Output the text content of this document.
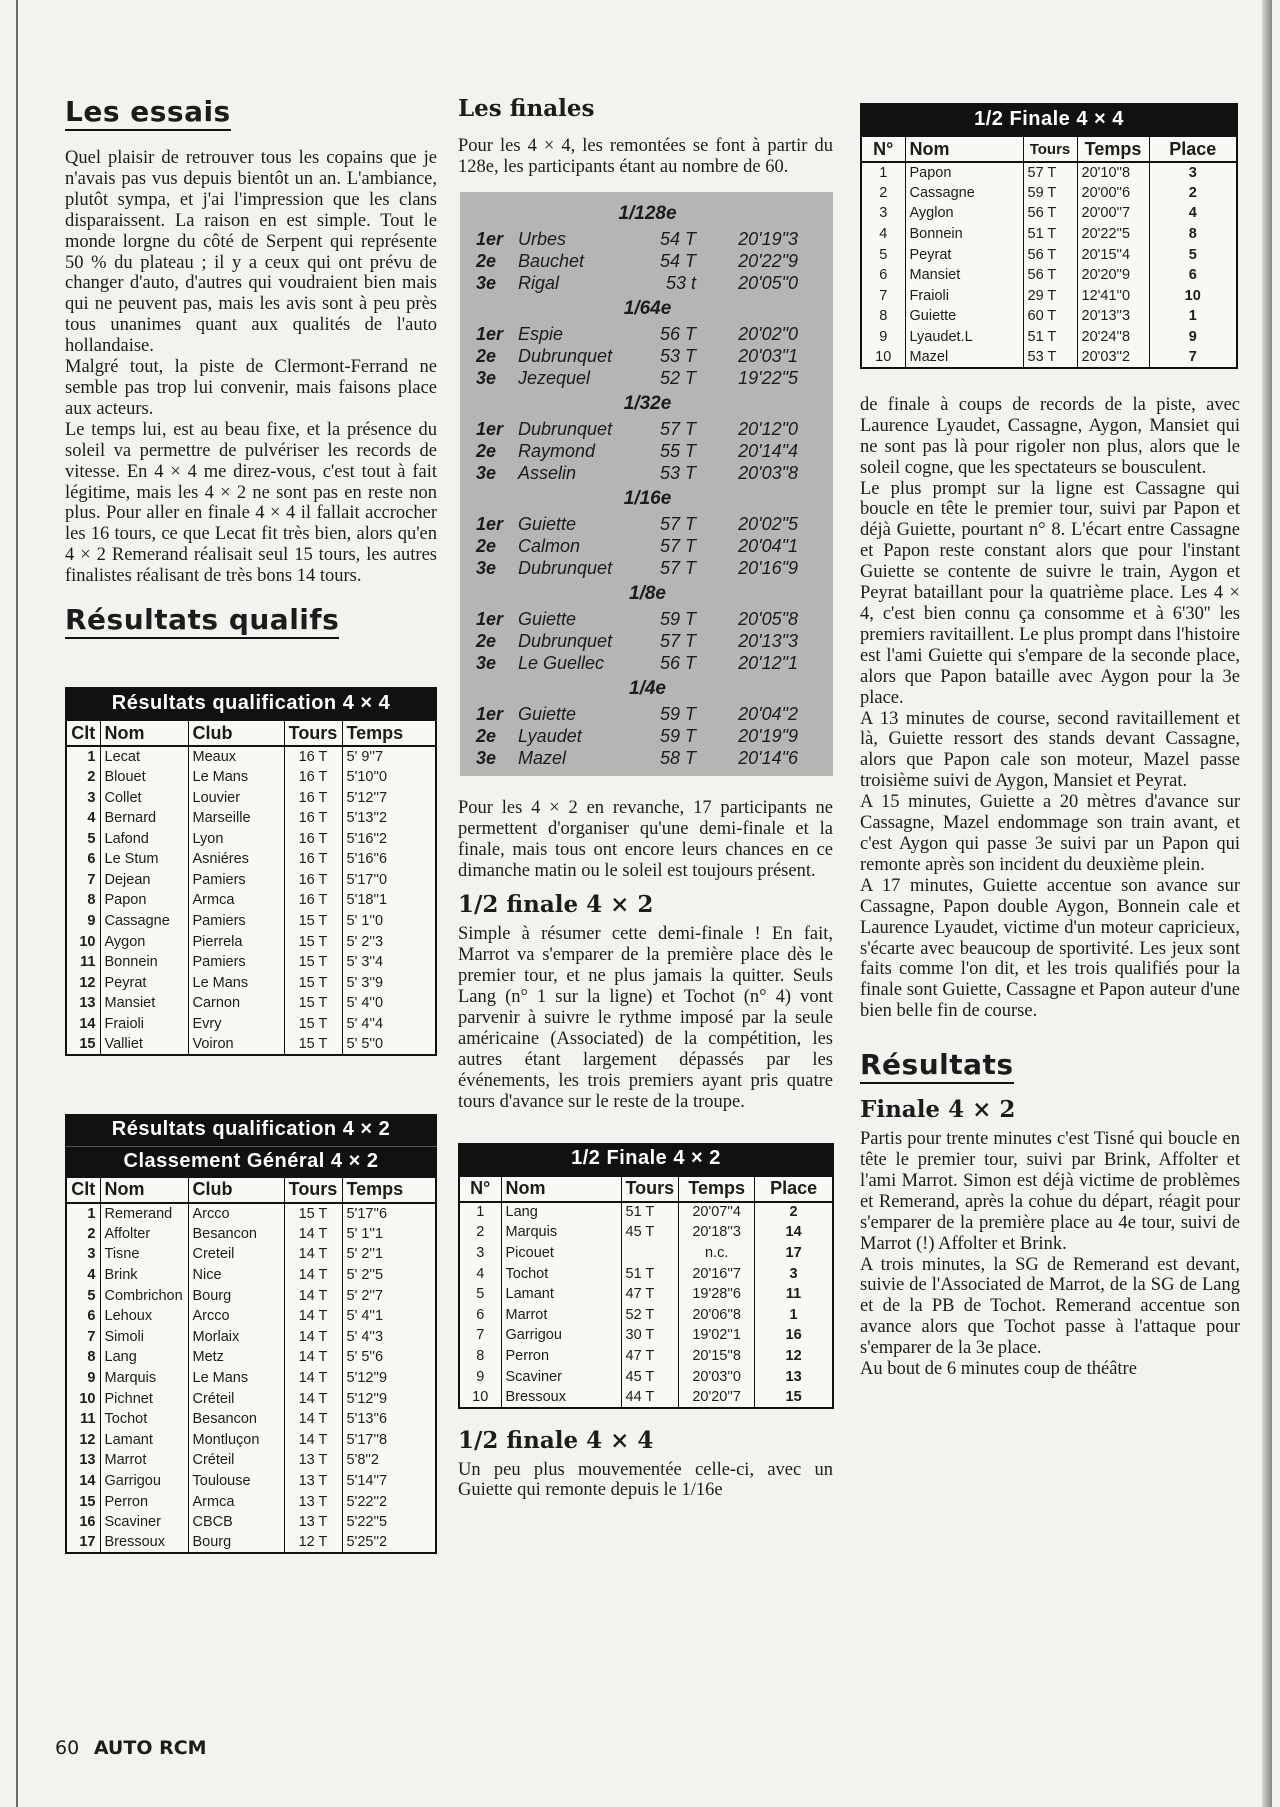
Les essais

Quel plaisir de retrouver tous les copains que je n'avais pas vus depuis bientôt un an. L'ambiance, plutôt sympa, et j'ai l'impression que les clans disparaissent. La raison en est simple. Tout le monde lorgne du côté de Serpent qui représente 50 % du plateau ; il y a ceux qui ont prévu de changer d'auto, d'autres qui voudraient bien mais qui ne peuvent pas, mais les avis sont à peu près tous unanimes quant aux qualités de l'auto hollandaise.

Malgré tout, la piste de Clermont-Ferrand ne semble pas trop lui convenir, mais faisons place aux acteurs.

Le temps lui, est au beau fixe, et la présence du soleil va permettre de pulvériser les records de vitesse. En 4 × 4 me direz-vous, c'est tout à fait légitime, mais les 4 × 2 ne sont pas en reste non plus. Pour aller en finale 4 × 4 il fallait accrocher les 16 tours, ce que Lecat fit très bien, alors qu'en 4 × 2 Remerand réalisait seul 15 tours, les autres finalistes réalisant de très bons 14 tours.

Résultats qualifs
Résultats qualification 4 × 4
Clt	Nom	Club	Tours	Temps
1	Lecat	Meaux	16 T	5' 9''7
2	Blouet	Le Mans	16 T	5'10''0
3	Collet	Louvier	16 T	5'12''7
4	Bernard	Marseille	16 T	5'13''2
5	Lafond	Lyon	16 T	5'16''2
6	Le Stum	Asniéres	16 T	5'16''6
7	Dejean	Pamiers	16 T	5'17''0
8	Papon	Armca	16 T	5'18''1
9	Cassagne	Pamiers	15 T	5' 1''0
10	Aygon	Pierrela	15 T	5' 2''3
11	Bonnein	Pamiers	15 T	5' 3''4
12	Peyrat	Le Mans	15 T	5' 3''9
13	Mansiet	Carnon	15 T	5' 4''0
14	Fraioli	Evry	15 T	5' 4''4
15	Valliet	Voiron	15 T	5' 5''0
Résultats qualification 4 × 2
Classement Général 4 × 2
Clt	Nom	Club	Tours	Temps
1	Remerand	Arcco	15 T	5'17''6
2	Affolter	Besancon	14 T	5' 1''1
3	Tisne	Creteil	14 T	5' 2''1
4	Brink	Nice	14 T	5' 2''5
5	Combrichon	Bourg	14 T	5' 2''7
6	Lehoux	Arcco	14 T	5' 4''1
7	Simoli	Morlaix	14 T	5' 4''3
8	Lang	Metz	14 T	5' 5''6
9	Marquis	Le Mans	14 T	5'12''9
10	Pichnet	Créteil	14 T	5'12''9
11	Tochot	Besancon	14 T	5'13''6
12	Lamant	Montluçon	14 T	5'17''8
13	Marrot	Créteil	13 T	5'8''2
14	Garrigou	Toulouse	13 T	5'14''7
15	Perron	Armca	13 T	5'22''2
16	Scaviner	CBCB	13 T	5'22''5
17	Bressoux	Bourg	12 T	5'25''2
Les finales

Pour les 4 × 4, les remontées se font à partir du 128e, les participants étant au nombre de 60.

1/128e
1er Urbes	54 T	20'19"3
2e	Bauchet	54 T	20'22"9
3e	Rigal	53 t	20'05"0
1/64e
1er Espie	56 T	20'02"0
2e	Dubrunquet	53 T	20'03"1
3e	Jezequel	52 T	19'22"5
1/32e
1er Dubrunquet	57 T	20'12"0
2e	Raymond	55 T	20'14"4
3e	Asselin	53 T	20'03"8
1/16e
1er Guiette	57 T	20'02"5
2e	Calmon	57 T	20'04"1
3e	Dubrunquet	57 T	20'16"9
1/8e
1er Guiette	59 T	20'05"8
2e	Dubrunquet	57 T	20'13"3
3e	Le Guellec	56 T	20'12"1
1/4e
1er Guiette	59 T	20'04"2
2e	Lyaudet	59 T	20'19"9
3e	Mazel	58 T	20'14"6

Pour les 4 × 2 en revanche, 17 participants ne permettent d'organiser qu'une demi-finale et la finale, mais tous ont encore leurs chances en ce dimanche matin ou le soleil est toujours présent.

1/2 finale 4 × 2

Simple à résumer cette demi-finale ! En fait, Marrot va s'emparer de la première place dès le premier tour, et ne plus jamais la quitter. Seuls Lang (n° 1 sur la ligne) et Tochot (n° 4) vont parvenir à suivre le rythme imposé par la seule américaine (Associated) de la compétition, les autres étant largement dépassés par les événements, les trois premiers ayant pris quatre tours d'avance sur le reste de la troupe.

1/2 Finale 4 × 2
N°	Nom	Tours	Temps	Place
1	Lang	51 T	20'07''4	2
2	Marquis	45 T	20'18''3	14
3	Picouet		n.c.	17
4	Tochot	51 T	20'16''7	3
5	Lamant	47 T	19'28''6	11
6	Marrot	52 T	20'06''8	1
7	Garrigou	30 T	19'02''1	16
8	Perron	47 T	20'15''8	12
9	Scaviner	45 T	20'03''0	13
10	Bressoux	44 T	20'20''7	15
1/2 finale 4 × 4

Un peu plus mouvementée celle-ci, avec un Guiette qui remonte depuis le 1/16e

1/2 Finale 4 × 4
N°	Nom	Tours	Temps	Place
1	Papon	57 T	20'10''8	3
2	Cassagne	59 T	20'00''6	2
3	Ayglon	56 T	20'00''7	4
4	Bonnein	51 T	20'22''5	8
5	Peyrat	56 T	20'15''4	5
6	Mansiet	56 T	20'20''9	6
7	Fraioli	29 T	12'41''0	10
8	Guiette	60 T	20'13''3	1
9	Lyaudet.L	51 T	20'24''8	9
10	Mazel	53 T	20'03''2	7

de finale à coups de records de la piste, avec Laurence Lyaudet, Cassagne, Aygon, Mansiet qui ne sont pas là pour rigoler non plus, alors que le soleil cogne, que les spectateurs se bousculent.

Le plus prompt sur la ligne est Cassagne qui boucle en tête le premier tour, suivi par Papon et déjà Guiette, pourtant n° 8. L'écart entre Cassagne et Papon reste constant alors que pour l'instant Guiette se contente de suivre le train, Aygon et Peyrat bataillant pour la quatrième place. Les 4 × 4, c'est bien connu ça consomme et à 6'30'' les premiers ravitaillent. Le plus prompt dans l'histoire est l'ami Guiette qui s'empare de la seconde place, alors que Papon bataille avec Aygon pour la 3e place.

A 13 minutes de course, second ravitaillement et là, Guiette ressort des stands devant Cassagne, alors que Papon cale son moteur, Mazel passe troisième suivi de Aygon, Mansiet et Peyrat.

A 15 minutes, Guiette a 20 mètres d'avance sur Cassagne, Mazel endommage son train avant, et c'est Aygon qui passe 3e suivi par un Papon qui remonte après son incident du deuxième plein.

A 17 minutes, Guiette accentue son avance sur Cassagne, Papon double Aygon, Bonnein cale et Laurence Lyaudet, victime d'un moteur capricieux, s'écarte avec beaucoup de sportivité. Les jeux sont faits comme l'on dit, et les trois qualifiés pour la finale sont Guiette, Cassagne et Papon auteur d'une bien belle fin de course.

Résultats
Finale 4 × 2

Partis pour trente minutes c'est Tisné qui boucle en tête le premier tour, suivi par Brink, Affolter et l'ami Marrot. Simon est déjà victime de problèmes et Remerand, après la cohue du départ, réagit pour s'emparer de la première place au 4e tour, suivi de Marrot (!) Affolter et Brink.

A trois minutes, la SG de Remerand est devant, suivie de l'Associated de Marrot, de la SG de Lang et de la PB de Tochot. Remerand accentue son avance alors que Tochot passe à l'attaque pour s'emparer de la 3e place.

Au bout de 6 minutes coup de théâtre

60 AUTO RCM
